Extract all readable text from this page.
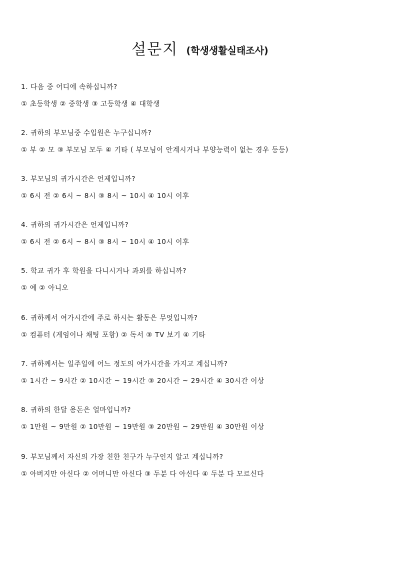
설문지 (학생생활실태조사)
1. 다음 중 어디에 속하십니까?
① 초등학생 ② 중학생 ③ 고등학생 ④ 대학생
2. 귀하의 부모님중 수입원은 누구십니까?
① 부 ② 모 ③ 부모님 모두 ④ 기타 ( 부모님이 안계시거나 부양능력이 없는 경우 등등)
3. 부모님의 귀가시간은 언제입니까?
① 6시 전 ② 6시 ~ 8시 ③ 8시 ~ 10시 ④ 10시 이후
4. 귀하의 귀가시간은 언제입니까?
① 6시 전 ② 6시 ~ 8시 ③ 8시 ~ 10시 ④ 10시 이후
5. 학교 귀가 후 학원을 다니시거나 과외를 하십니까?
① 예 ② 아니오
6. 귀하께서 여가시간에 주로 하시는 활동은 무엇입니까?
① 컴퓨터 (게임이나 채팅 포함) ② 독서 ③ TV 보기 ④ 기타
7. 귀하께서는 일주일에 어느 정도의 여가시간을 가지고 계십니까?
① 1시간 ~ 9시간 ② 10시간 ~ 19시간 ③ 20시간 ~ 29시간 ④ 30시간 이상
8. 귀하의 한달 용돈은 얼마입니까?
① 1만원 ~ 9만원 ② 10만원 ~ 19만원 ③ 20만원 ~ 29만원 ④ 30만원 이상
9. 부모님께서 자신의 가장 친한 친구가 누구인지 알고 계십니까?
① 아버지만 아신다 ② 어머니만 아신다 ③ 두분 다 아신다 ④ 두분 다 모르신다
